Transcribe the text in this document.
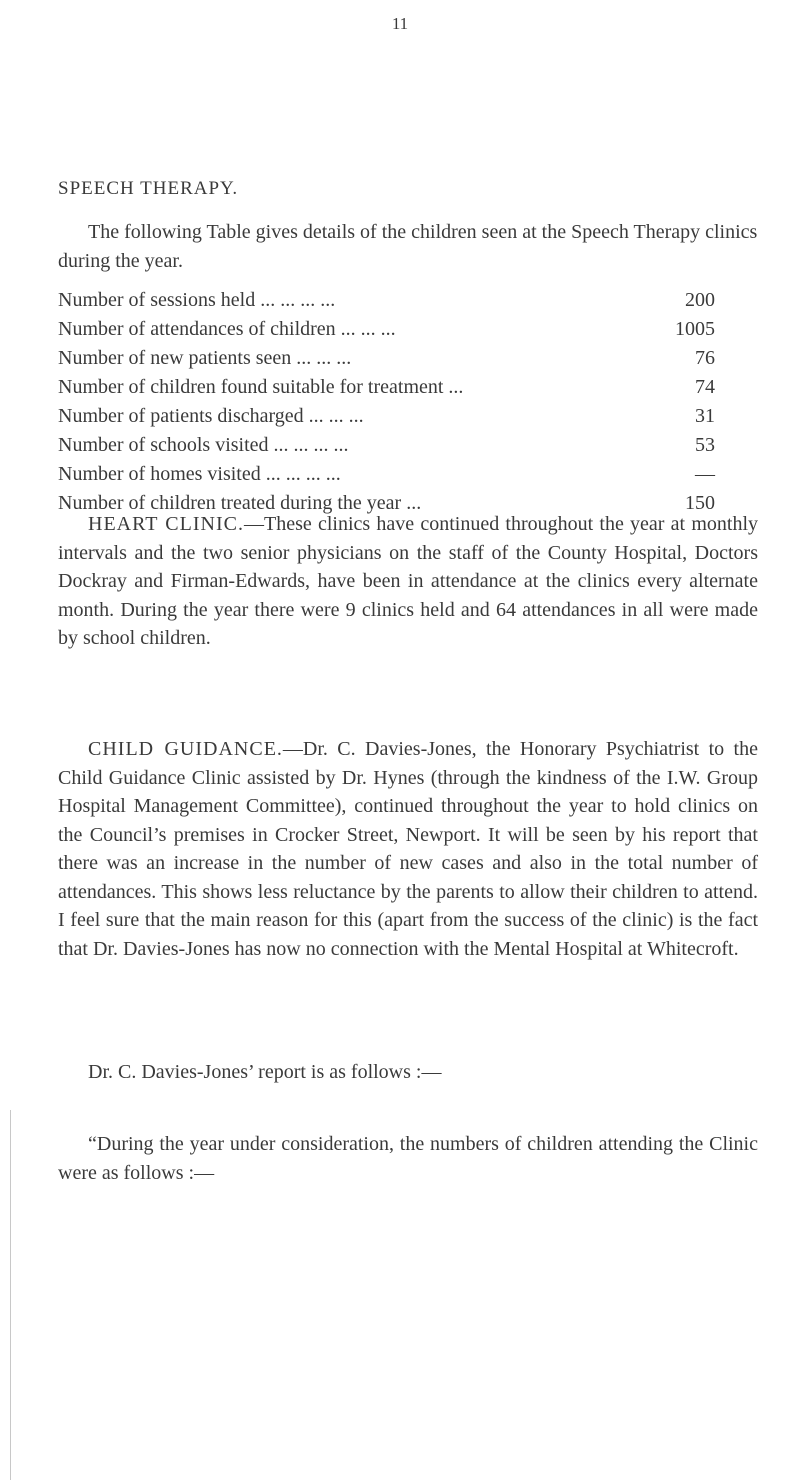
11
SPEECH THERAPY.
The following Table gives details of the children seen at the Speech Therapy clinics during the year.
Number of sessions held ... ... ... ...	200
Number of attendances of children ... ... ...	1005
Number of new patients seen ... ... ...	76
Number of children found suitable for treatment ...	74
Number of patients discharged ... ... ...	31
Number of schools visited ... ... ... ...	53
Number of homes visited ... ... ... ...	—
Number of children treated during the year ...	150
HEART CLINIC.—These clinics have continued throughout the year at monthly intervals and the two senior physicians on the staff of the County Hospital, Doctors Dockray and Firman-Edwards, have been in attendance at the clinics every alternate month. During the year there were 9 clinics held and 64 attendances in all were made by school children.
CHILD GUIDANCE.—Dr. C. Davies-Jones, the Honorary Psychiatrist to the Child Guidance Clinic assisted by Dr. Hynes (through the kindness of the I.W. Group Hospital Management Committee), continued throughout the year to hold clinics on the Council’s premises in Crocker Street, Newport. It will be seen by his report that there was an increase in the number of new cases and also in the total number of attendances. This shows less reluctance by the parents to allow their children to attend. I feel sure that the main reason for this (apart from the success of the clinic) is the fact that Dr. Davies-Jones has now no connection with the Mental Hospital at Whitecroft.
Dr. C. Davies-Jones’ report is as follows :—
“During the year under consideration, the numbers of children attending the Clinic were as follows :—
